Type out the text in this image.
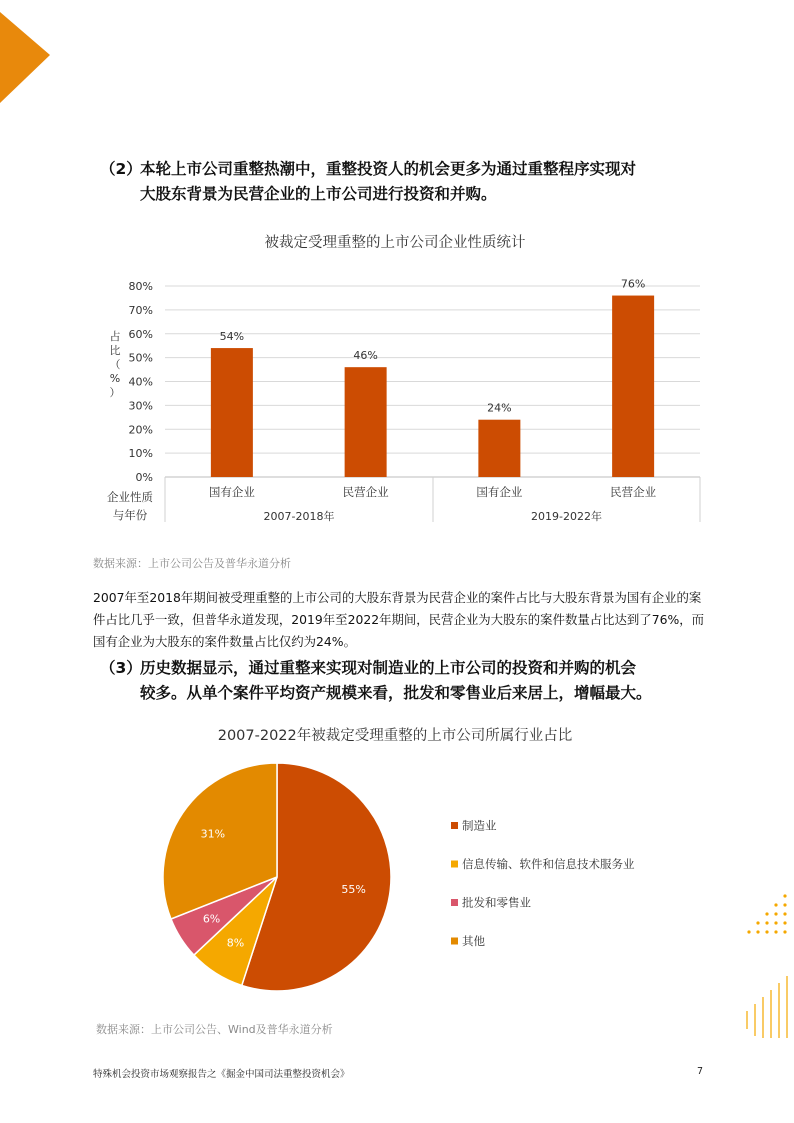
（2）本轮上市公司重整热潮中，重整投资人的机会更多为通过重整程序实现对
大股东背景为民营企业的上市公司进行投资和并购。
被裁定受理重整的上市公司企业性质统计
0%
10%
20%
30%
40%
50%
60%
70%
80%
占
比
（
%
）
54%
国有企业
46%
民营企业
24%
国有企业
76%
民营企业
2007-2018年	2019-2022年
企业性质
与年份
数据来源：上市公司公告及普华永道分析
2007年至2018年期间被受理重整的上市公司的大股东背景为民营企业的案件占比与大股东背景为国有企业的案件占比几乎一致，但普华永道发现，2019年至2022年期间，民营企业为大股东的案件数量占比达到了76%，而国有企业为大股东的案件数量占比仅约为24%。
（3）历史数据显示，通过重整来实现对制造业的上市公司的投资和并购的机会
较多。从单个案件平均资产规模来看，批发和零售业后来居上，增幅最大。
2007-2022年被裁定受理重整的上市公司所属行业占比
55%
8%
6%
31%
制造业
信息传输、软件和信息技术服务业
批发和零售业
其他
数据来源：上市公司公告、Wind及普华永道分析
特殊机会投资市场观察报告之《掘金中国司法重整投资机会》	7
